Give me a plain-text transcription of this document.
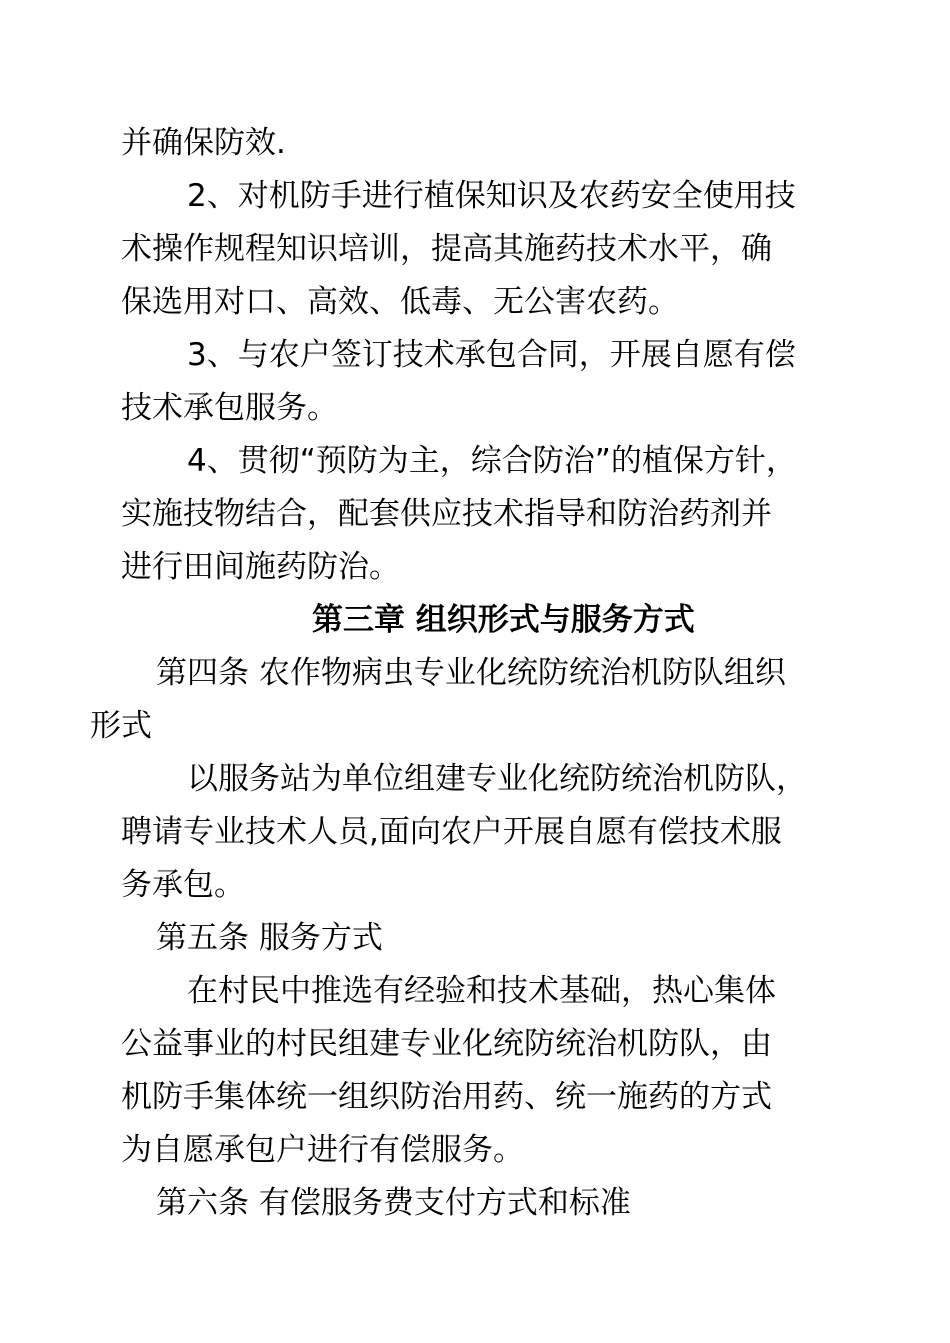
并确保防效.
2、对机防手进行植保知识及农药安全使用技
术操作规程知识培训，提高其施药技术水平，确
保选用对口、高效、低毒、无公害农药。
3、与农户签订技术承包合同，开展自愿有偿
技术承包服务。
4、贯彻“预防为主，综合防治”的植保方针，
实施技物结合，配套供应技术指导和防治药剂并
进行田间施药防治。
第三章 组织形式与服务方式
第四条 农作物病虫专业化统防统治机防队组织
形式
以服务站为单位组建专业化统防统治机防队，
聘请专业技术人员,面向农户开展自愿有偿技术服
务承包。
第五条 服务方式
在村民中推选有经验和技术基础，热心集体
公益事业的村民组建专业化统防统治机防队，由
机防手集体统一组织防治用药、统一施药的方式
为自愿承包户进行有偿服务。
第六条 有偿服务费支付方式和标准
